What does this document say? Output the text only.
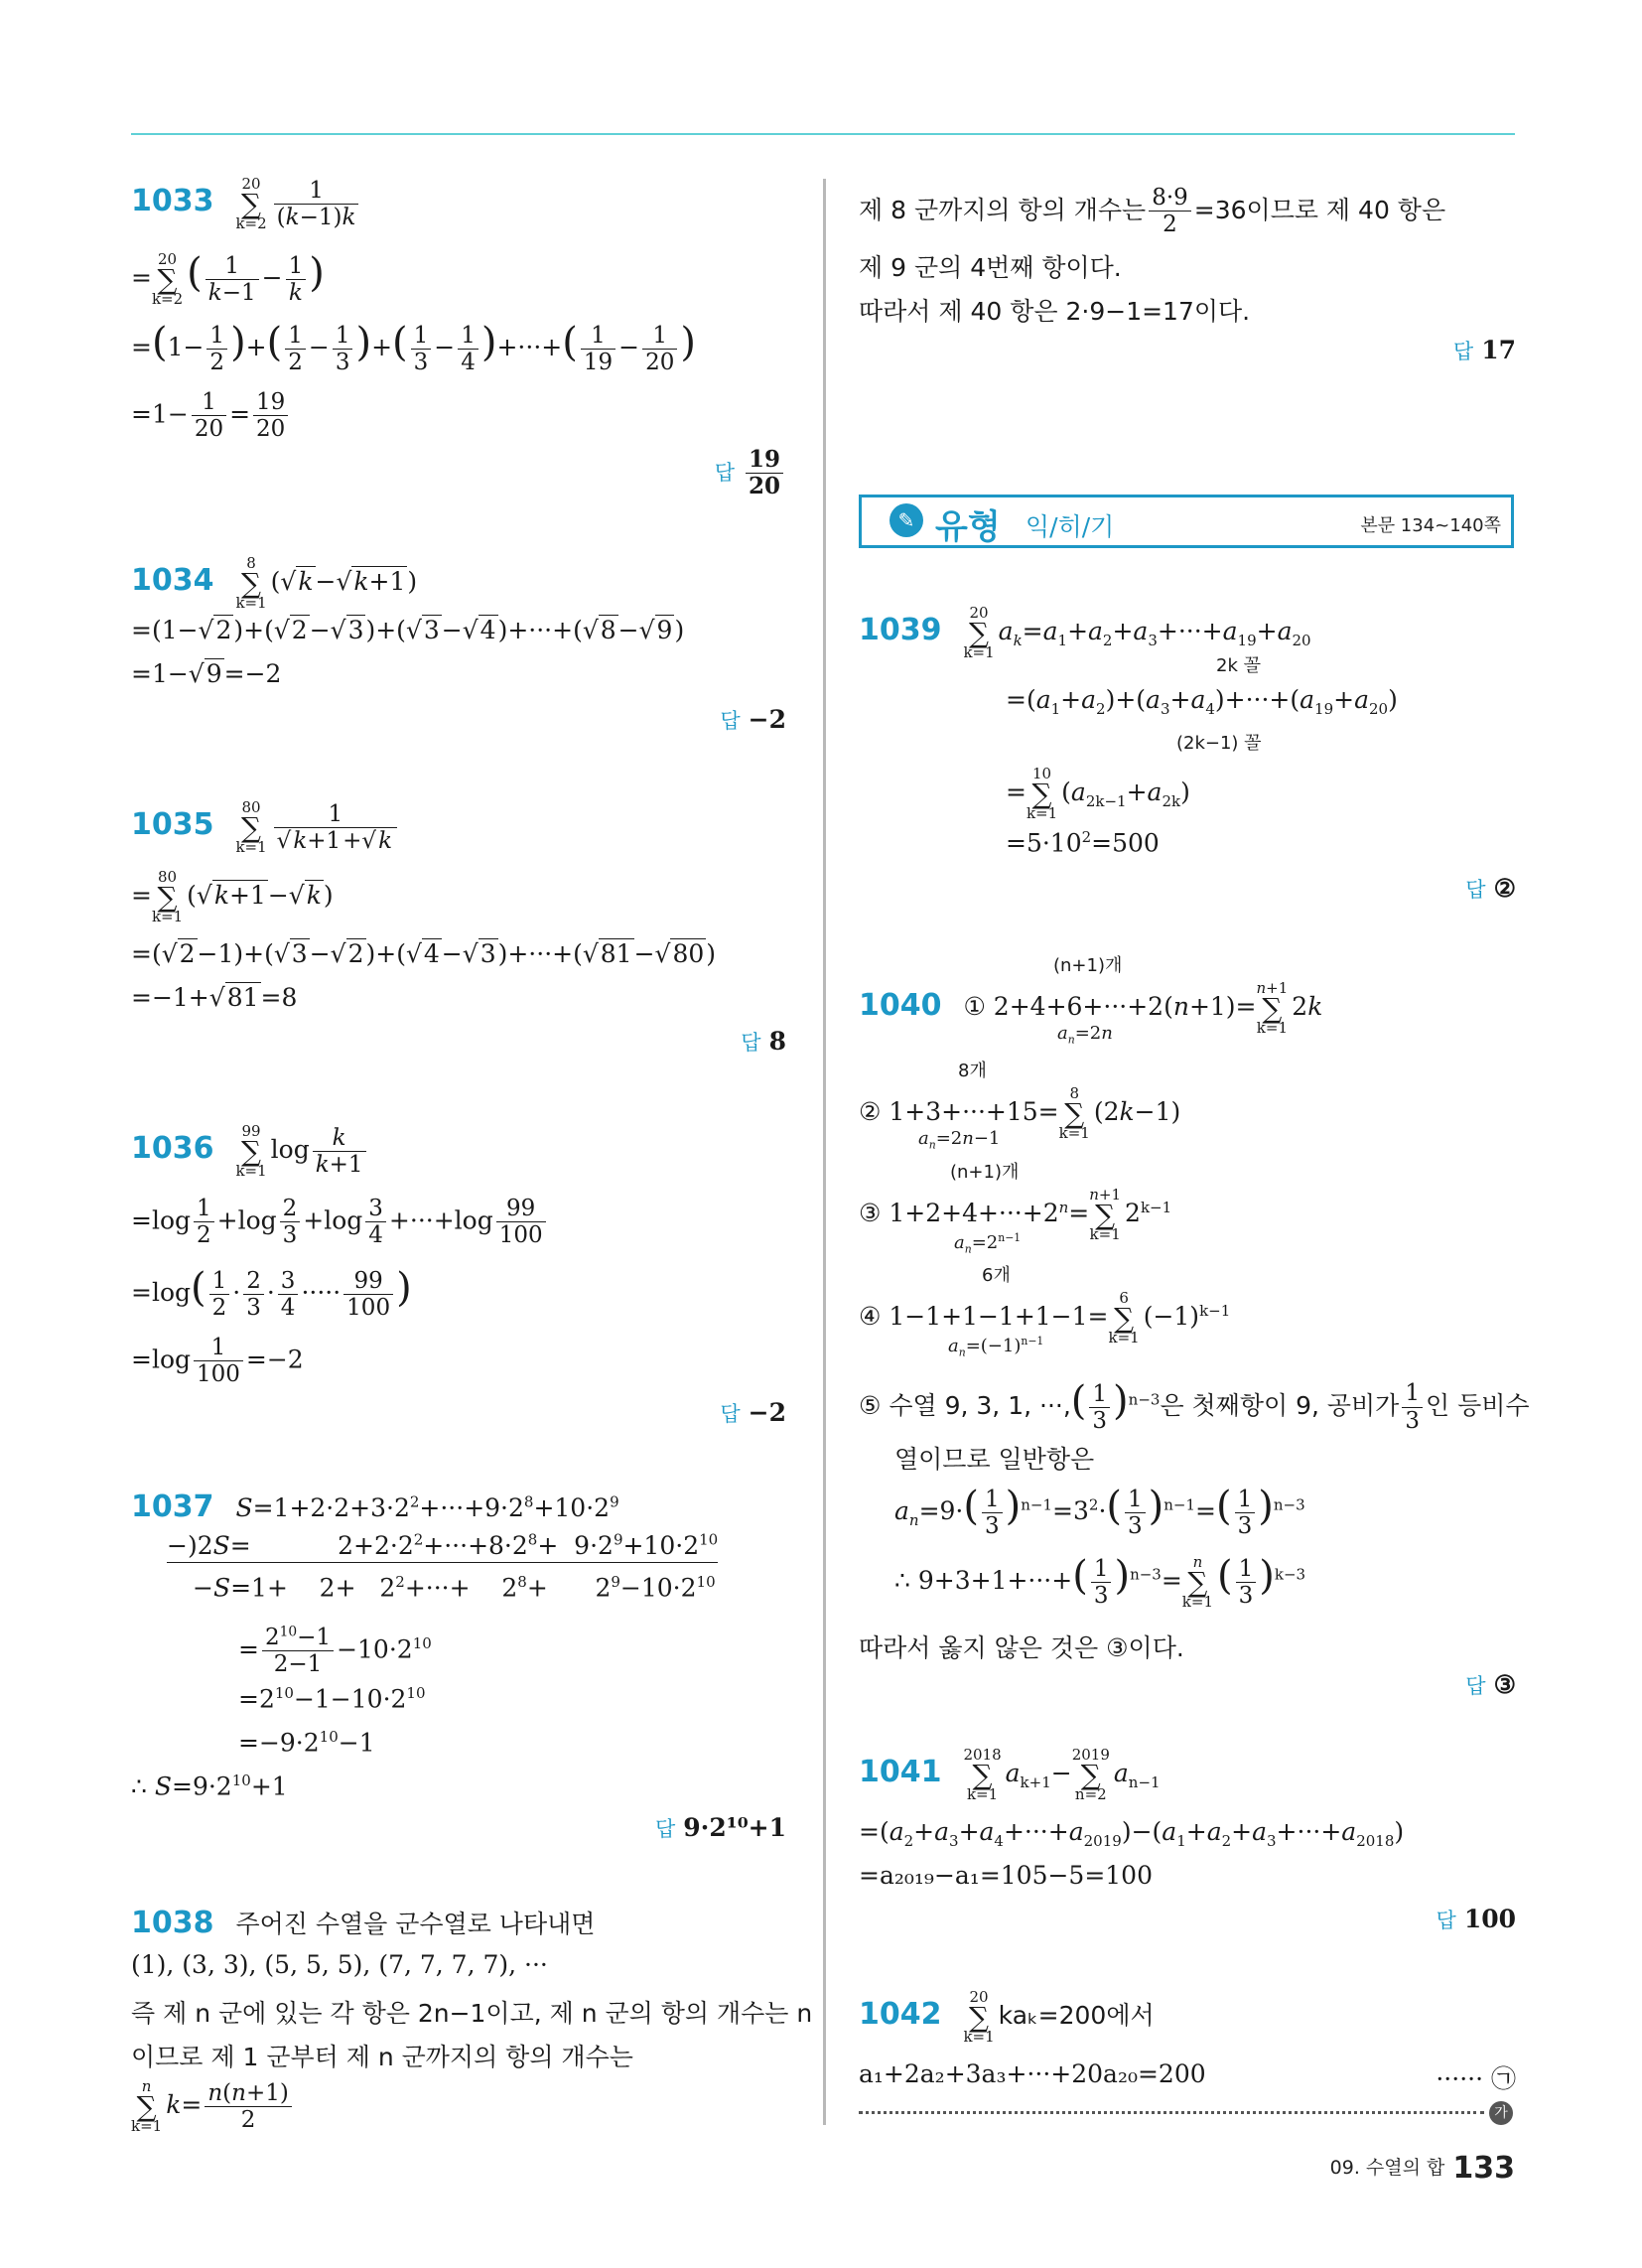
1033 20
∑
$k=2 \frac{1}{(k-1)k}$
=20
∑
$k=2( \frac{1}{k-1} - \frac{1}{k}$ )
$=(1- \frac{1}{2}$ )+( $\frac{1}{2} - \frac{1}{3}$ )+( $\frac{1}{3} - \frac{1}{4}$ )+···+( $\frac{1}{19} - \frac{1}{20}$ )
$=1- \frac{1}{20} = \frac{19}{20}$
답 $\frac{19}{20}$
1034 8
∑
k=1(√k−√k+1)
=(1−√2)+(√2−√3)+(√3−√4)+···+(√8−√9)
=1−√9=−2
답 −2
1035 80
∑
$k=1 \frac{1}{√k+1+√k}$
=80
∑
k=1(√k+1−√k)
=(√2−1)+(√3−√2)+(√4−√3)+···+(√81−√80)
=−1+√81=8
답 8
1036 99
∑
$k=1\log \frac{k}{k+1}$
$=\log \frac{1}{2} +\log \frac{2}{3} +\log \frac{3}{4} +\cdot\cdot\cdot+\log \frac{99}{100}$
$=\log( \frac{1}{2} \cdot \frac{2}{3} \cdot \frac{3}{4}$ ····· $\frac{99}{100}$ )
$=\log \frac{1}{100} =-2$
답 −2
1037 $S=1+2\cdot 2+3\cdot 2^2+\cdot\cdot\cdot+9\cdot 2^8+10\cdot 2^9$
−)2S=           $2+2\cdot 2^2+\cdot\cdot\cdot+8\cdot 2^8+ 9\cdot 2^9+10\cdot 2^{10}$
−S=1+    $2+ 2^2+\cdot\cdot\cdot+$    $2^8+$      $2^9-10\cdot 2^{10}$
= $\frac{2^{10}-1}{2-1} -10\cdot 2^{10}$
$=2^{10}-1-10\cdot 2^{10}$
$=-9\cdot 2^{10}-1$
∴ $S=9\cdot 2^{10}+1$
답 9·2¹⁰+1
1038 주어진 수열을 군수열로 나타내면
(1), (3, 3), (5, 5, 5), (7, 7, 7, 7), ···
즉 제 n 군에 있는 각 항은 2n−1이고, 제 n 군의 항의 개수는 n
이므로 제 1 군부터 제 n 군까지의 항의 개수는
n
∑
$k=1k= \frac{n(n+1)}{2}$
제 8 군까지의 항의 개수는 $\frac{8\cdot 9}{2} =36$이므로 제 40 항은
제 9 군의 4번째 항이다.
따라서 제 40 항은 2·9−1=17이다.
답 17
✎ 유형 익/히/기	본문 134~140쪽
1039 20
∑
$k=1a_k=a_1+a_2+a_3+\cdot\cdot\cdot+a_{19}+a_{20}$
2k 꼴
$=(a_1+a_2)+(a_3+a_4)+\cdot\cdot\cdot+(a_{19}+a_{20})$
(2k−1) 꼴
=10
∑
$k=1(a_{2k-1}+a_{2k})$
$=5\cdot 10^2=500$
답 ②
(n+1)개
1040 ① 2+4+6+···+2(n+1)=n+1
∑
k=12k
$a_n=2n$
8개
② 1+3+···+15=8
∑
k=1(2k−1)
$a_n=2n-1$
(n+1)개
③ $1+2+4+\cdot\cdot\cdot+2^n=n+1$
∑
$k=12^{k-1}$
$a_n=2^{n-1}$
6개
④ 1−1+1−1+1−1=6
∑
$k=1(-1)^{k-1}$
$a_n=(-1)^{n-1}$
⑤ 수열 9, 3, 1, ···,( $\frac{1}{3} )^{n-3}$은 첫째항이 9, 공비가 $\frac{1}{3}$ 인 등비수
열이므로 일반항은
$a_n=9\cdot( \frac{1}{3} )^{n-1}=3^2\cdot( \frac{1}{3} )^{n-1}=( \frac{1}{3} )^{n-3}$
∴ $9+3+1+\cdot\cdot\cdot+( \frac{1}{3} )^{n-3}=n$
∑
$k=1( \frac{1}{3} )^{k-3}$
따라서 옳지 않은 것은 ③이다.
답 ③
1041 2018
∑
$k=1a_{k+1}-2019$
∑
$n=2a_{n-1}$
$=(a_2+a_3+a_4+\cdot\cdot\cdot+a_{2019})-(a_1+a_2+a_3+\cdot\cdot\cdot+a_{2018})$
=a₂₀₁₉−a₁=105−5=100
답 100
1042 20
∑
k=1kaₖ=200에서
a₁+2a₂+3a₃+···+20a₂₀=200	······ ㉠
가
09. 수열의 합 133
